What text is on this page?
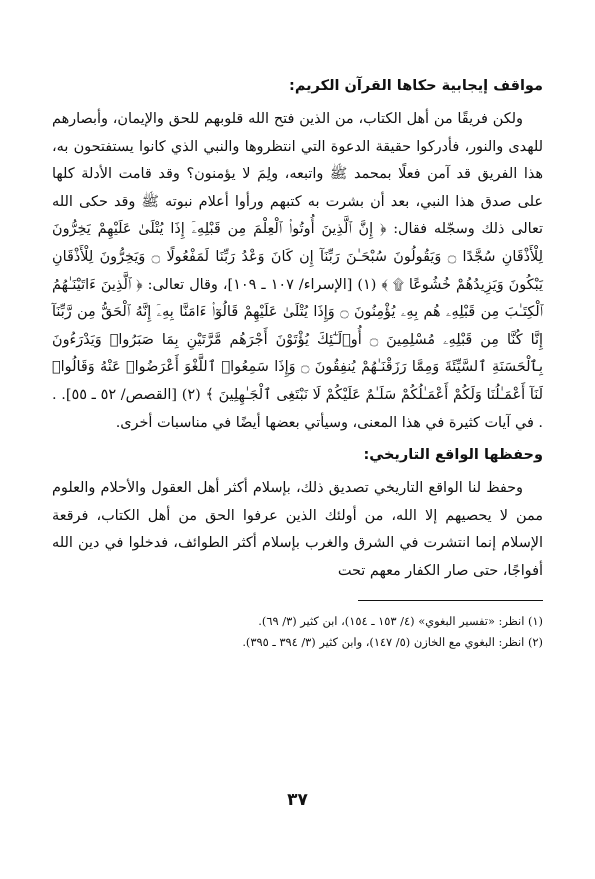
مواقف إيجابية حكاها القرآن الكريم:

ولكن فريقًا من أهل الكتاب، من الذين فتح الله قلوبهم للحق والإيمان، وأبصارهم للهدى والنور، فأدركوا حقيقة الدعوة التي انتظروها والنبي الذي كانوا يستفتحون به، هذا الفريق قد آمن فعلًا بمحمد ﷺ واتبعه، ولِمَ لا يؤمنون؟ وقد قامت الأدلة كلها على صدق هذا النبي، بعد أن بشرت به كتبهم ورأوا أعلام نبوته ﷺ وقد حكى الله تعالى ذلك وسجّله فقال: ﴿ إِنَّ ٱلَّذِينَ أُوتُوا۟ ٱلْعِلْمَ مِن قَبْلِهِۦٓ إِذَا يُتْلَىٰ عَلَيْهِمْ يَخِرُّونَ لِلْأَذْقَانِ سُجَّدًا ۝ وَيَقُولُونَ سُبْحَـٰنَ رَبِّنَآ إِن كَانَ وَعْدُ رَبِّنَا لَمَفْعُولًا ۝ وَيَخِرُّونَ لِلْأَذْقَانِ يَبْكُونَ وَيَزِيدُهُمْ خُشُوعًا ۩ ﴾ (١) [الإسراء/ ١٠٧ ـ ١٠٩]، وقال تعالى: ﴿ ٱلَّذِينَ ءَاتَيْنَـٰهُمُ ٱلْكِتَـٰبَ مِن قَبْلِهِۦ هُم بِهِۦ يُؤْمِنُونَ ۝ وَإِذَا يُتْلَىٰ عَلَيْهِمْ قَالُوٓا۟ ءَامَنَّا بِهِۦٓ إِنَّهُ ٱلْحَقُّ مِن رَّبِّنَآ إِنَّا كُنَّا مِن قَبْلِهِۦ مُسْلِمِينَ ۝ أُو۟لَـٰٓئِكَ يُؤْتَوْنَ أَجْرَهُم مَّرَّتَيْنِ بِمَا صَبَرُوا۟ وَيَدْرَءُونَ بِٱلْحَسَنَةِ ٱلسَّيِّئَةَ وَمِمَّا رَزَقْنَـٰهُمْ يُنفِقُونَ ۝ وَإِذَا سَمِعُوا۟ ٱللَّغْوَ أَعْرَضُوا۟ عَنْهُ وَقَالُوا۟ لَنَآ أَعْمَـٰلُنَا وَلَكُمْ أَعْمَـٰلُكُمْ سَلَـٰمٌ عَلَيْكُمْ لَا نَبْتَغِى ٱلْجَـٰهِلِينَ ﴾ (٢) [القصص/ ٥٢ ـ ٥٥]. . . في آيات كثيرة في هذا المعنى، وسيأتي بعضها أيضًا في مناسبات أخرى.

وحفظها الواقع التاريخي:

وحفظ لنا الواقع التاريخي تصديق ذلك، بإسلام أكثر أهل العقول والأحلام والعلوم ممن لا يحصيهم إلا الله، من أولئك الذين عرفوا الحق من أهل الكتاب، فرقعة الإسلام إنما انتشرت في الشرق والغرب بإسلام أكثر الطوائف، فدخلوا في دين الله أفواجًا، حتى صار الكفار معهم تحت

(١) انظر: «تفسير البغوي» (٤/ ١٥٣ ـ ١٥٤)، ابن كثير (٣/ ٦٩).

(٢) انظر: البغوي مع الخازن (٥/ ١٤٧)، وابن كثير (٣/ ٣٩٤ ـ ٣٩٥).

٣٧
